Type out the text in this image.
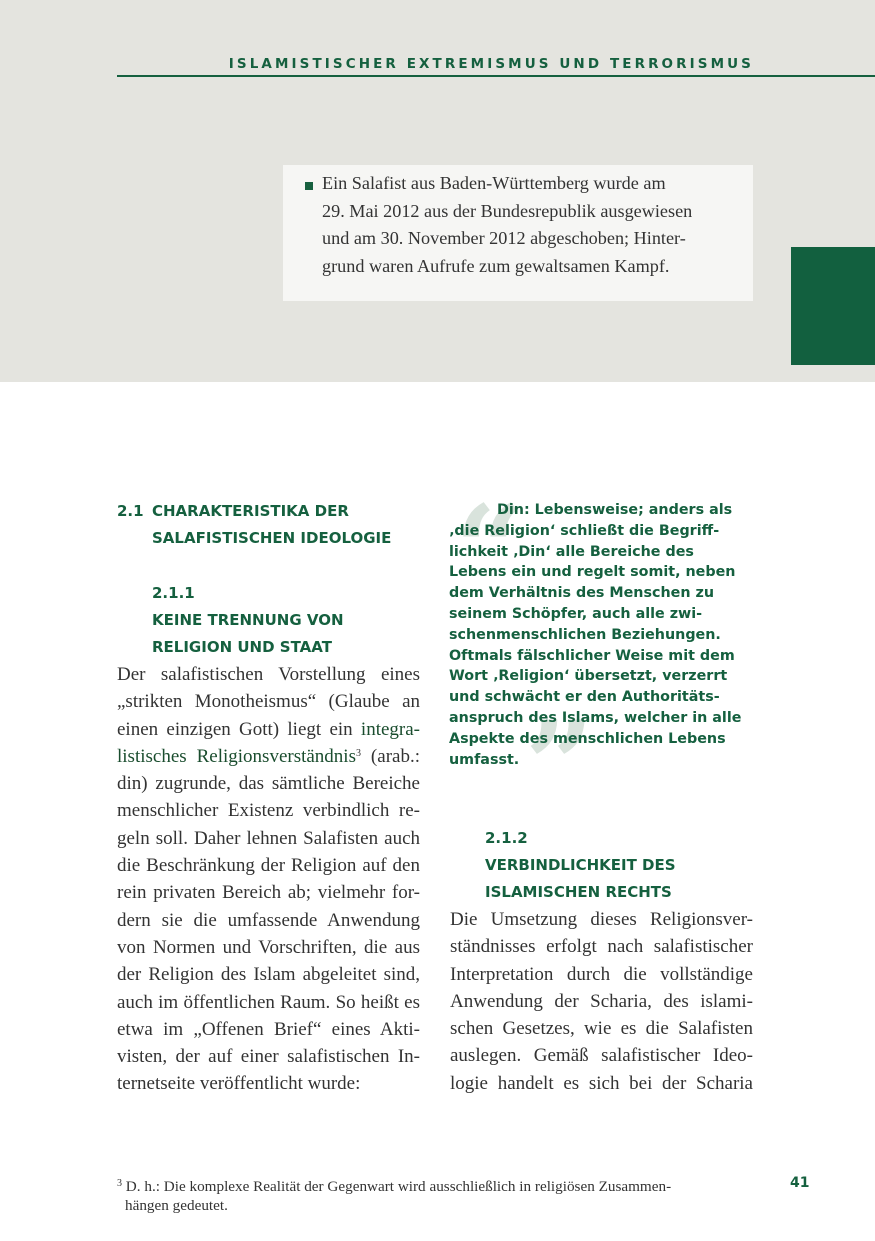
ISLAMISTISCHER EXTREMISMUS UND TERRORISMUS
Ein Salafist aus Baden-Württemberg wurde am
29. Mai 2012 aus der Bundesrepublik ausgewiesen
und am 30. November 2012 abgeschoben; Hinter-
grund waren Aufrufe zum gewaltsamen Kampf.
2.1 CHARAKTERISTIKA DER
SALAFISTISCHEN IDEOLOGIE
2.1.1
KEINE TRENNUNG VON
RELIGION UND STAAT
Der salafistischen Vorstellung eines
„strikten Monotheismus“ (Glaube an
einen einzigen Gott) liegt ein integra-
listisches Religionsverständnis$^3$ (arab.:
din) zugrunde, das sämtliche Bereiche
menschlicher Existenz verbindlich re-
geln soll. Daher lehnen Salafisten auch
die Beschränkung der Religion auf den
rein privaten Bereich ab; vielmehr for-
dern sie die umfassende Anwendung
von Normen und Vorschriften, die aus
der Religion des Islam abgeleitet sind,
auch im öffentlichen Raum. So heißt es
etwa im „Offenen Brief“ eines Akti-
visten, der auf einer salafistischen In-
ternetseite veröffentlicht wurde:
“
”
Din: Lebensweise; anders als
‚die Religion‘ schließt die Begriff-
lichkeit ‚Din‘ alle Bereiche des
Lebens ein und regelt somit, neben
dem Verhältnis des Menschen zu
seinem Schöpfer, auch alle zwi-
schenmenschlichen Beziehungen.
Oftmals fälschlicher Weise mit dem
Wort ‚Religion‘ übersetzt, verzerrt
und schwächt er den Authoritäts-
anspruch des Islams, welcher in alle
Aspekte des menschlichen Lebens
umfasst.
2.1.2
VERBINDLICHKEIT DES
ISLAMISCHEN RECHTS
Die Umsetzung dieses Religionsver-
ständnisses erfolgt nach salafistischer
Interpretation durch die vollständige
Anwendung der Scharia, des islami-
schen Gesetzes, wie es die Salafisten
auslegen. Gemäß salafistischer Ideo-
logie handelt es sich bei der Scharia
$^3$ D. h.: Die komplexe Realität der Gegenwart wird ausschließlich in religiösen Zusammen-
hängen gedeutet.
41
